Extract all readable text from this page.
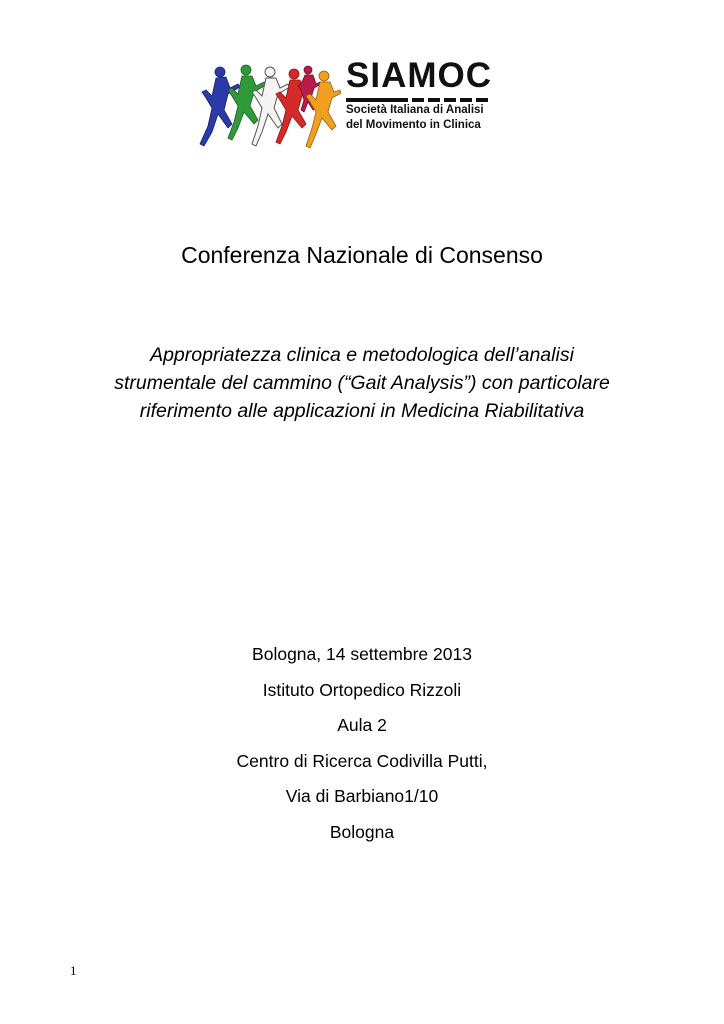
SIAMOC
Società Italiana di Analisi
del Movimento in Clinica
Conferenza Nazionale di Consenso
Appropriatezza clinica e metodologica dell’analisi
strumentale del cammino (“Gait Analysis”) con particolare
riferimento alle applicazioni in Medicina Riabilitativa
Bologna, 14 settembre 2013
Istituto Ortopedico Rizzoli
Aula 2
Centro di Ricerca Codivilla Putti,
Via di Barbiano1/10
Bologna
1
